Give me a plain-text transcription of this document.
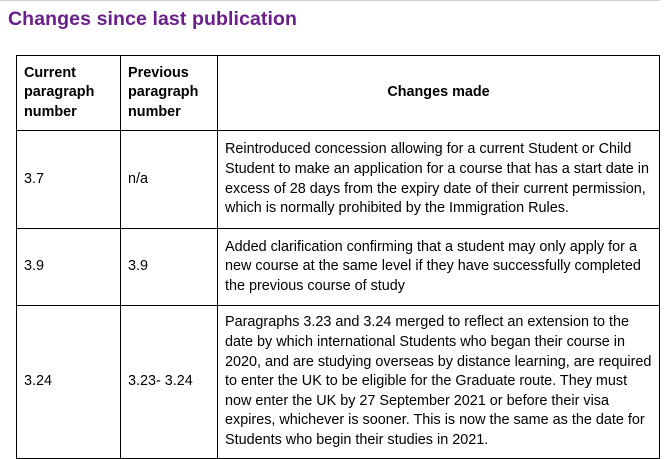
Changes since last publication
Current paragraph number	Previous paragraph number	Changes made
3.7	n/a	Reintroduced concession allowing for a current Student or Child Student to make an application for a course that has a start date in excess of 28 days from the expiry date of their current permission, which is normally prohibited by the Immigration Rules.
3.9	3.9	Added clarification confirming that a student may only apply for a new course at the same level if they have successfully completed the previous course of study
3.24	3.23- 3.24	Paragraphs 3.23 and 3.24 merged to reflect an extension to the date by which international Students who began their course in 2020, and are studying overseas by distance learning, are required to enter the UK to be eligible for the Graduate route. They must now enter the UK by 27 September 2021 or before their visa expires, whichever is sooner. This is now the same as the date for Students who begin their studies in 2021.
